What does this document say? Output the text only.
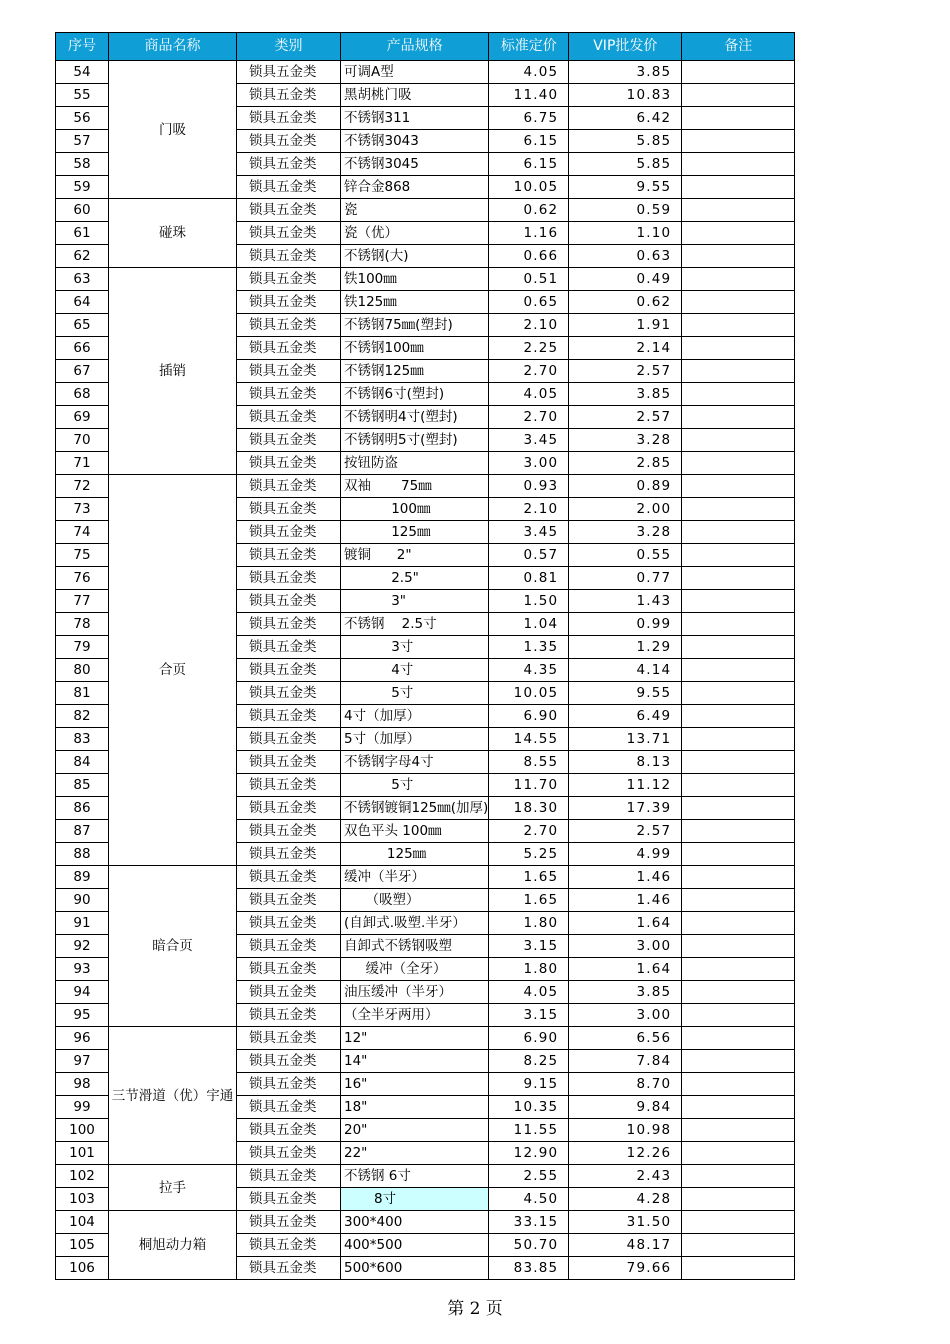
序号	商品名称	类别	产品规格	标准定价	VIP批发价	备注
54	门吸	锁具五金类	可调A型	4.05	3.85	
55		锁具五金类	黑胡桃门吸	11.40	10.83	
56		锁具五金类	不锈钢311	6.75	6.42	
57		锁具五金类	不锈钢3043	6.15	5.85	
58		锁具五金类	不锈钢3045	6.15	5.85	
59		锁具五金类	锌合金868	10.05	9.55	
60	碰珠	锁具五金类	瓷	0.62	0.59	
61		锁具五金类	瓷（优）	1.16	1.10	
62		锁具五金类	不锈钢(大)	0.66	0.63	
63	插销	锁具五金类	铁100㎜	0.51	0.49	
64		锁具五金类	铁125㎜	0.65	0.62	
65		锁具五金类	不锈钢75㎜(塑封)	2.10	1.91	
66		锁具五金类	不锈钢100㎜	2.25	2.14	
67		锁具五金类	不锈钢125㎜	2.70	2.57	
68		锁具五金类	不锈钢6寸(塑封)	4.05	3.85	
69		锁具五金类	不锈钢明4寸(塑封)	2.70	2.57	
70		锁具五金类	不锈钢明5寸(塑封)	3.45	3.28	
71		锁具五金类	按钮防盗	3.00	2.85	
72	合页	锁具五金类	双袖       75㎜	0.93	0.89	
73		锁具五金类	100㎜	2.10	2.00	
74		锁具五金类	125㎜	3.45	3.28	
75		锁具五金类	镀铜      2"	0.57	0.55	
76		锁具五金类	2.5"	0.81	0.77	
77		锁具五金类	3"	1.50	1.43	
78		锁具五金类	不锈钢    2.5寸	1.04	0.99	
79		锁具五金类	3寸	1.35	1.29	
80		锁具五金类	4寸	4.35	4.14	
81		锁具五金类	5寸	10.05	9.55	
82		锁具五金类	4寸（加厚）	6.90	6.49	
83		锁具五金类	5寸（加厚）	14.55	13.71	
84		锁具五金类	不锈钢字母4寸	8.55	8.13	
85		锁具五金类	5寸	11.70	11.12	
86		锁具五金类	不锈钢镀铜125㎜(加厚)	18.30	17.39	
87		锁具五金类	双色平头 100㎜	2.70	2.57	
88		锁具五金类	125㎜	5.25	4.99	
89	暗合页	锁具五金类	缓冲（半牙）	1.65	1.46	
90		锁具五金类	（吸塑）	1.65	1.46	
91		锁具五金类	(自卸式.吸塑.半牙）	1.80	1.64	
92		锁具五金类	自卸式不锈钢吸塑	3.15	3.00	
93		锁具五金类	缓冲（全牙）	1.80	1.64	
94		锁具五金类	油压缓冲（半牙）	4.05	3.85	
95		锁具五金类	（全半牙两用）	3.15	3.00	
96	三节滑道（优）宇通	锁具五金类	12"	6.90	6.56	
97		锁具五金类	14"	8.25	7.84	
98		锁具五金类	16"	9.15	8.70	
99		锁具五金类	18"	10.35	9.84	
100		锁具五金类	20"	11.55	10.98	
101		锁具五金类	22"	12.90	12.26	
102	拉手	锁具五金类	不锈钢 6寸	2.55	2.43	
103		锁具五金类	8寸	4.50	4.28	
104	桐旭动力箱	锁具五金类	300*400	33.15	31.50	
105		锁具五金类	400*500	50.70	48.17	
106		锁具五金类	500*600	83.85	79.66	
第 2 页
